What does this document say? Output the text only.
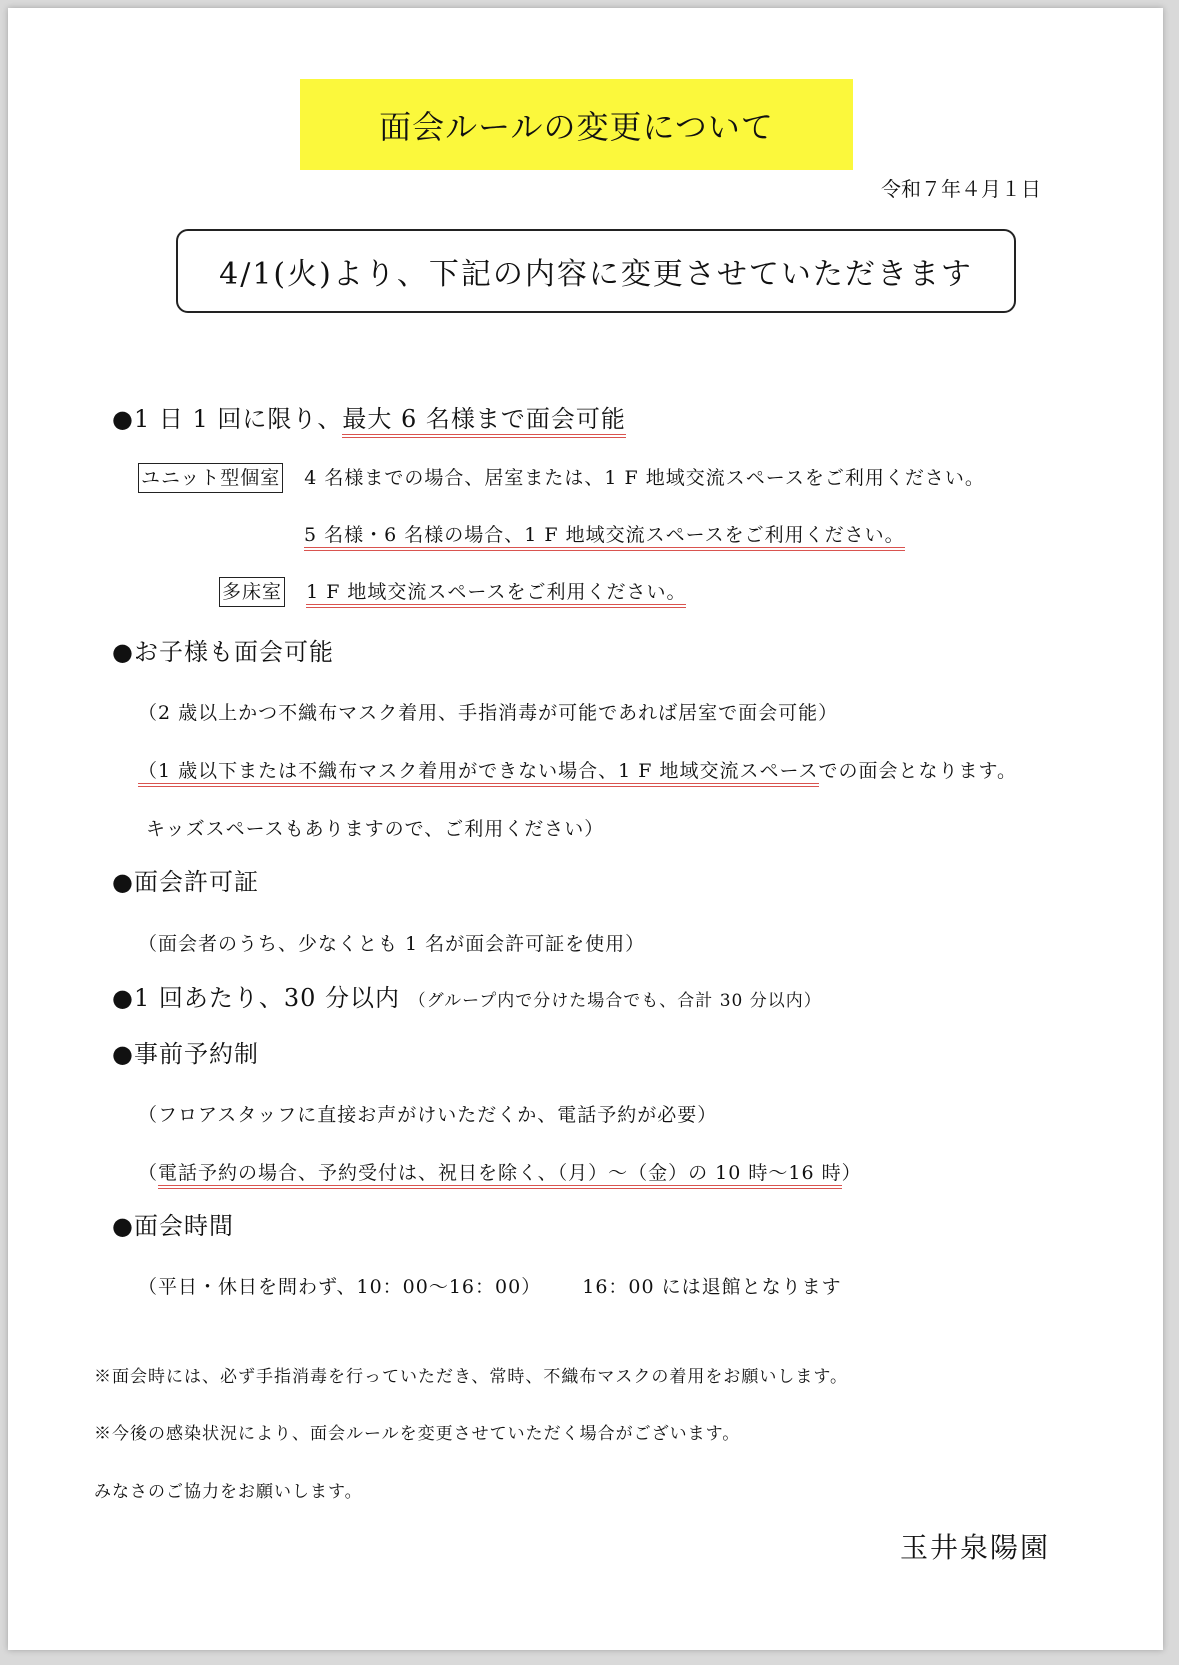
面会ルールの変更について
令和７年４月１日
4/1(火)より、下記の内容に変更させていただきます
●1 日 1 回に限り、最大 6 名様まで面会可能
ユニット型個室 4 名様までの場合、居室または、1 F 地域交流スペースをご利用ください。
5 名様・6 名様の場合、1 F 地域交流スペースをご利用ください。
多床室 1 F 地域交流スペースをご利用ください。
●お子様も面会可能
（2 歳以上かつ不織布マスク着用、手指消毒が可能であれば居室で面会可能）
（1 歳以下または不織布マスク着用ができない場合、1 F 地域交流スペースでの面会となります。
キッズスペースもありますので、ご利用ください）
●面会許可証
（面会者のうち、少なくとも 1 名が面会許可証を使用）
●1 回あたり、30 分以内 （グループ内で分けた場合でも、合計 30 分以内）
●事前予約制
（フロアスタッフに直接お声がけいただくか、電話予約が必要）
（電話予約の場合、予約受付は、祝日を除く、（月）～（金）の 10 時～16 時）
●面会時間
（平日・休日を問わず、10：00～16：00） 16：00 には退館となります
※面会時には、必ず手指消毒を行っていただき、常時、不織布マスクの着用をお願いします。
※今後の感染状況により、面会ルールを変更させていただく場合がございます。
みなさのご協力をお願いします。
玉井泉陽園
